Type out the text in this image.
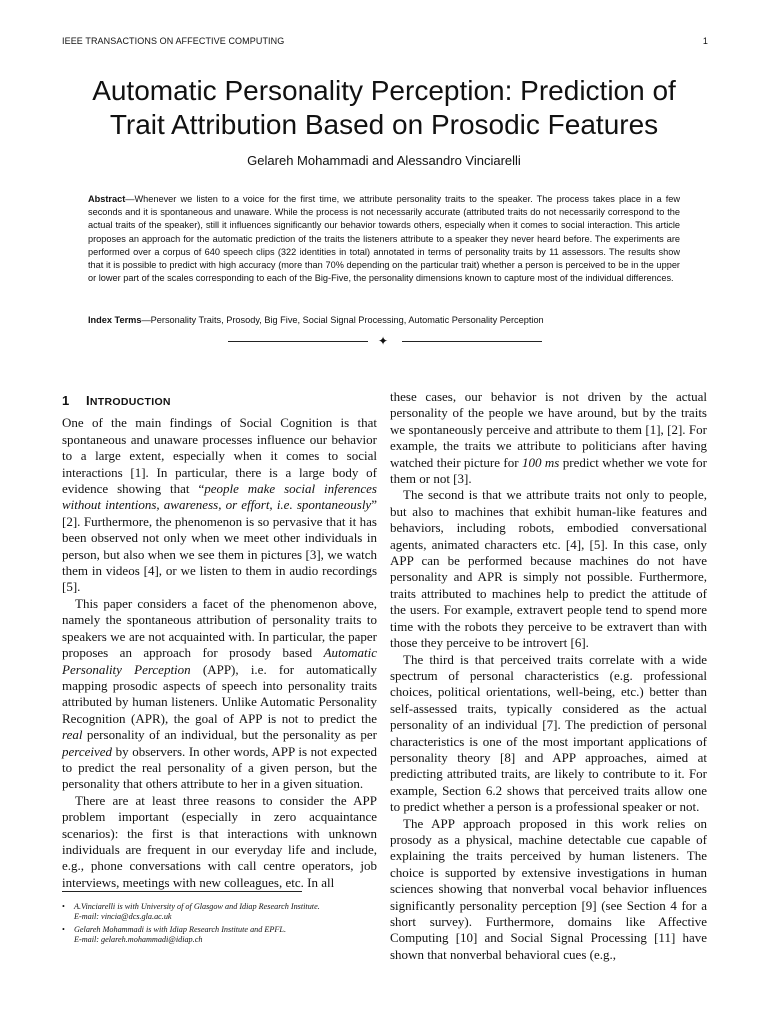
IEEE TRANSACTIONS ON AFFECTIVE COMPUTING	1
Automatic Personality Perception: Prediction of
Trait Attribution Based on Prosodic Features
Gelareh Mohammadi and Alessandro Vinciarelli
Abstract—Whenever we listen to a voice for the first time, we attribute personality traits to the speaker. The process takes place in a few seconds and it is spontaneous and unaware. While the process is not necessarily accurate (attributed traits do not necessarily correspond to the actual traits of the speaker), still it influences significantly our behavior towards others, especially when it comes to social interaction. This article proposes an approach for the automatic prediction of the traits the listeners attribute to a speaker they never heard before. The experiments are performed over a corpus of 640 speech clips (322 identities in total) annotated in terms of personality traits by 11 assessors. The results show that it is possible to predict with high accuracy (more than 70% depending on the particular trait) whether a person is perceived to be in the upper or lower part of the scales corresponding to each of the Big-Five, the personality dimensions known to capture most of the individual differences.
Index Terms—Personality Traits, Prosody, Big Five, Social Signal Processing, Automatic Personality Perception
✦
1 INTRODUCTION

One of the main findings of Social Cognition is that spontaneous and unaware processes influence our behavior to a large extent, especially when it comes to social interactions [1]. In particular, there is a large body of evidence showing that “people make social inferences without intentions, awareness, or effort, i.e. spontaneously” [2]. Furthermore, the phenomenon is so pervasive that it has been observed not only when we meet other individuals in person, but also when we see them in pictures [3], we watch them in videos [4], or we listen to them in audio recordings [5].

This paper considers a facet of the phenomenon above, namely the spontaneous attribution of personality traits to speakers we are not acquainted with. In particular, the paper proposes an approach for prosody based Automatic Personality Perception (APP), i.e. for automatically mapping prosodic aspects of speech into personality traits attributed by human listeners. Unlike Automatic Personality Recognition (APR), the goal of APP is not to predict the real personality of an individual, but the personality as per perceived by observers. In other words, APP is not expected to predict the real personality of a given person, but the personality that others attribute to her in a given situation.

There are at least three reasons to consider the APP problem important (especially in zero acquaintance scenarios): the first is that interactions with unknown individuals are frequent in our everyday life and include, e.g., phone conversations with call centre operators, job interviews, meetings with new colleagues, etc. In all

these cases, our behavior is not driven by the actual personality of the people we have around, but by the traits we spontaneously perceive and attribute to them [1], [2]. For example, the traits we attribute to politicians after having watched their picture for 100 ms predict whether we vote for them or not [3].

The second is that we attribute traits not only to people, but also to machines that exhibit human-like features and behaviors, including robots, embodied conversational agents, animated characters etc. [4], [5]. In this case, only APP can be performed because machines do not have personality and APR is simply not possible. Furthermore, traits attributed to machines help to predict the attitude of the users. For example, extravert people tend to spend more time with the robots they perceive to be extravert than with those they perceive to be introvert [6].

The third is that perceived traits correlate with a wide spectrum of personal characteristics (e.g. professional choices, political orientations, well-being, etc.) better than self-assessed traits, typically considered as the actual personality of an individual [7]. The prediction of personal characteristics is one of the most important applications of personality theory [8] and APP approaches, aimed at predicting attributed traits, are likely to contribute to it. For example, Section 6.2 shows that perceived traits allow one to predict whether a person is a professional speaker or not.

The APP approach proposed in this work relies on prosody as a physical, machine detectable cue capable of explaining the traits perceived by human listeners. The choice is supported by extensive investigations in human sciences showing that nonverbal vocal behavior influences significantly personality perception [9] (see Section 4 for a short survey). Furthermore, domains like Affective Computing [10] and Social Signal Processing [11] have shown that nonverbal behavioral cues (e.g.,

• A.Vinciarelli is with University of of Glasgow and Idiap Research Institute.
E-mail: vincia@dcs.gla.ac.uk
• Gelareh Mohammadi is with Idiap Research Institute and EPFL.
E-mail: gelareh.mohammadi@idiap.ch
